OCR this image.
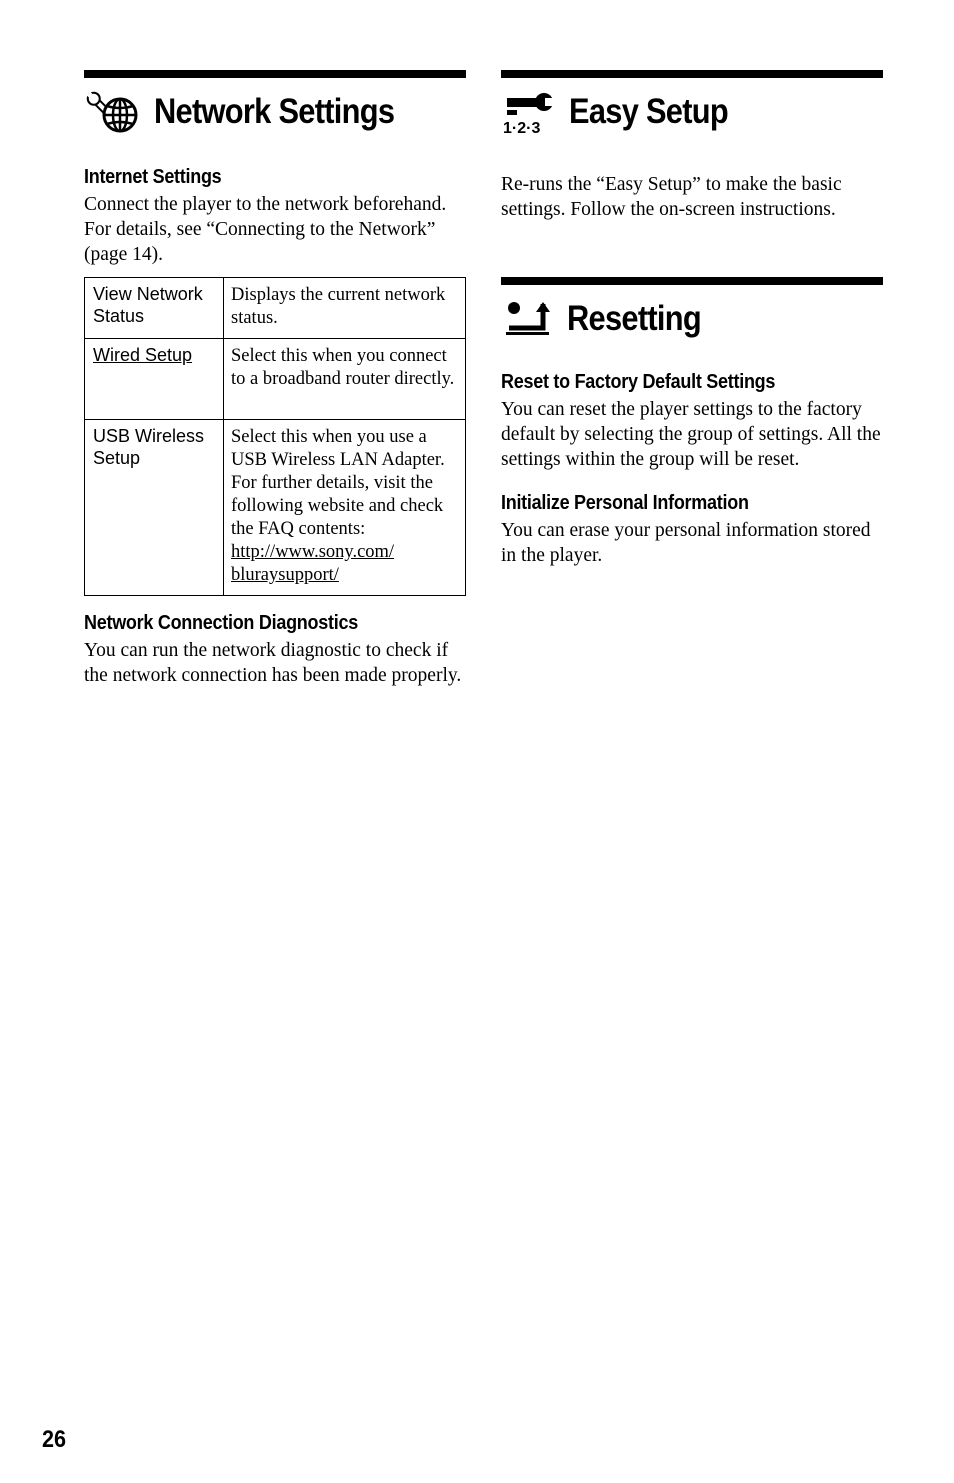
Network Settings
Internet Settings

Connect the player to the network beforehand. For details, see “Connecting to the Network” (page 14).

View Network Status	Displays the current network status.
Wired Setup	Select this when you connect to a broadband router directly.
USB Wireless Setup	Select this when you use a USB Wireless LAN Adapter.
For further details, visit the following website and check the FAQ contents:
http://www.sony.com/
bluraysupport/
Network Connection Diagnostics

You can run the network diagnostic to check if the network connection has been made properly.

1·2·3 Easy Setup

Re-runs the “Easy Setup” to make the basic settings. Follow the on-screen instructions.

Resetting
Reset to Factory Default Settings

You can reset the player settings to the factory default by selecting the group of settings. All the settings within the group will be reset.

Initialize Personal Information

You can erase your personal information stored in the player.

26
